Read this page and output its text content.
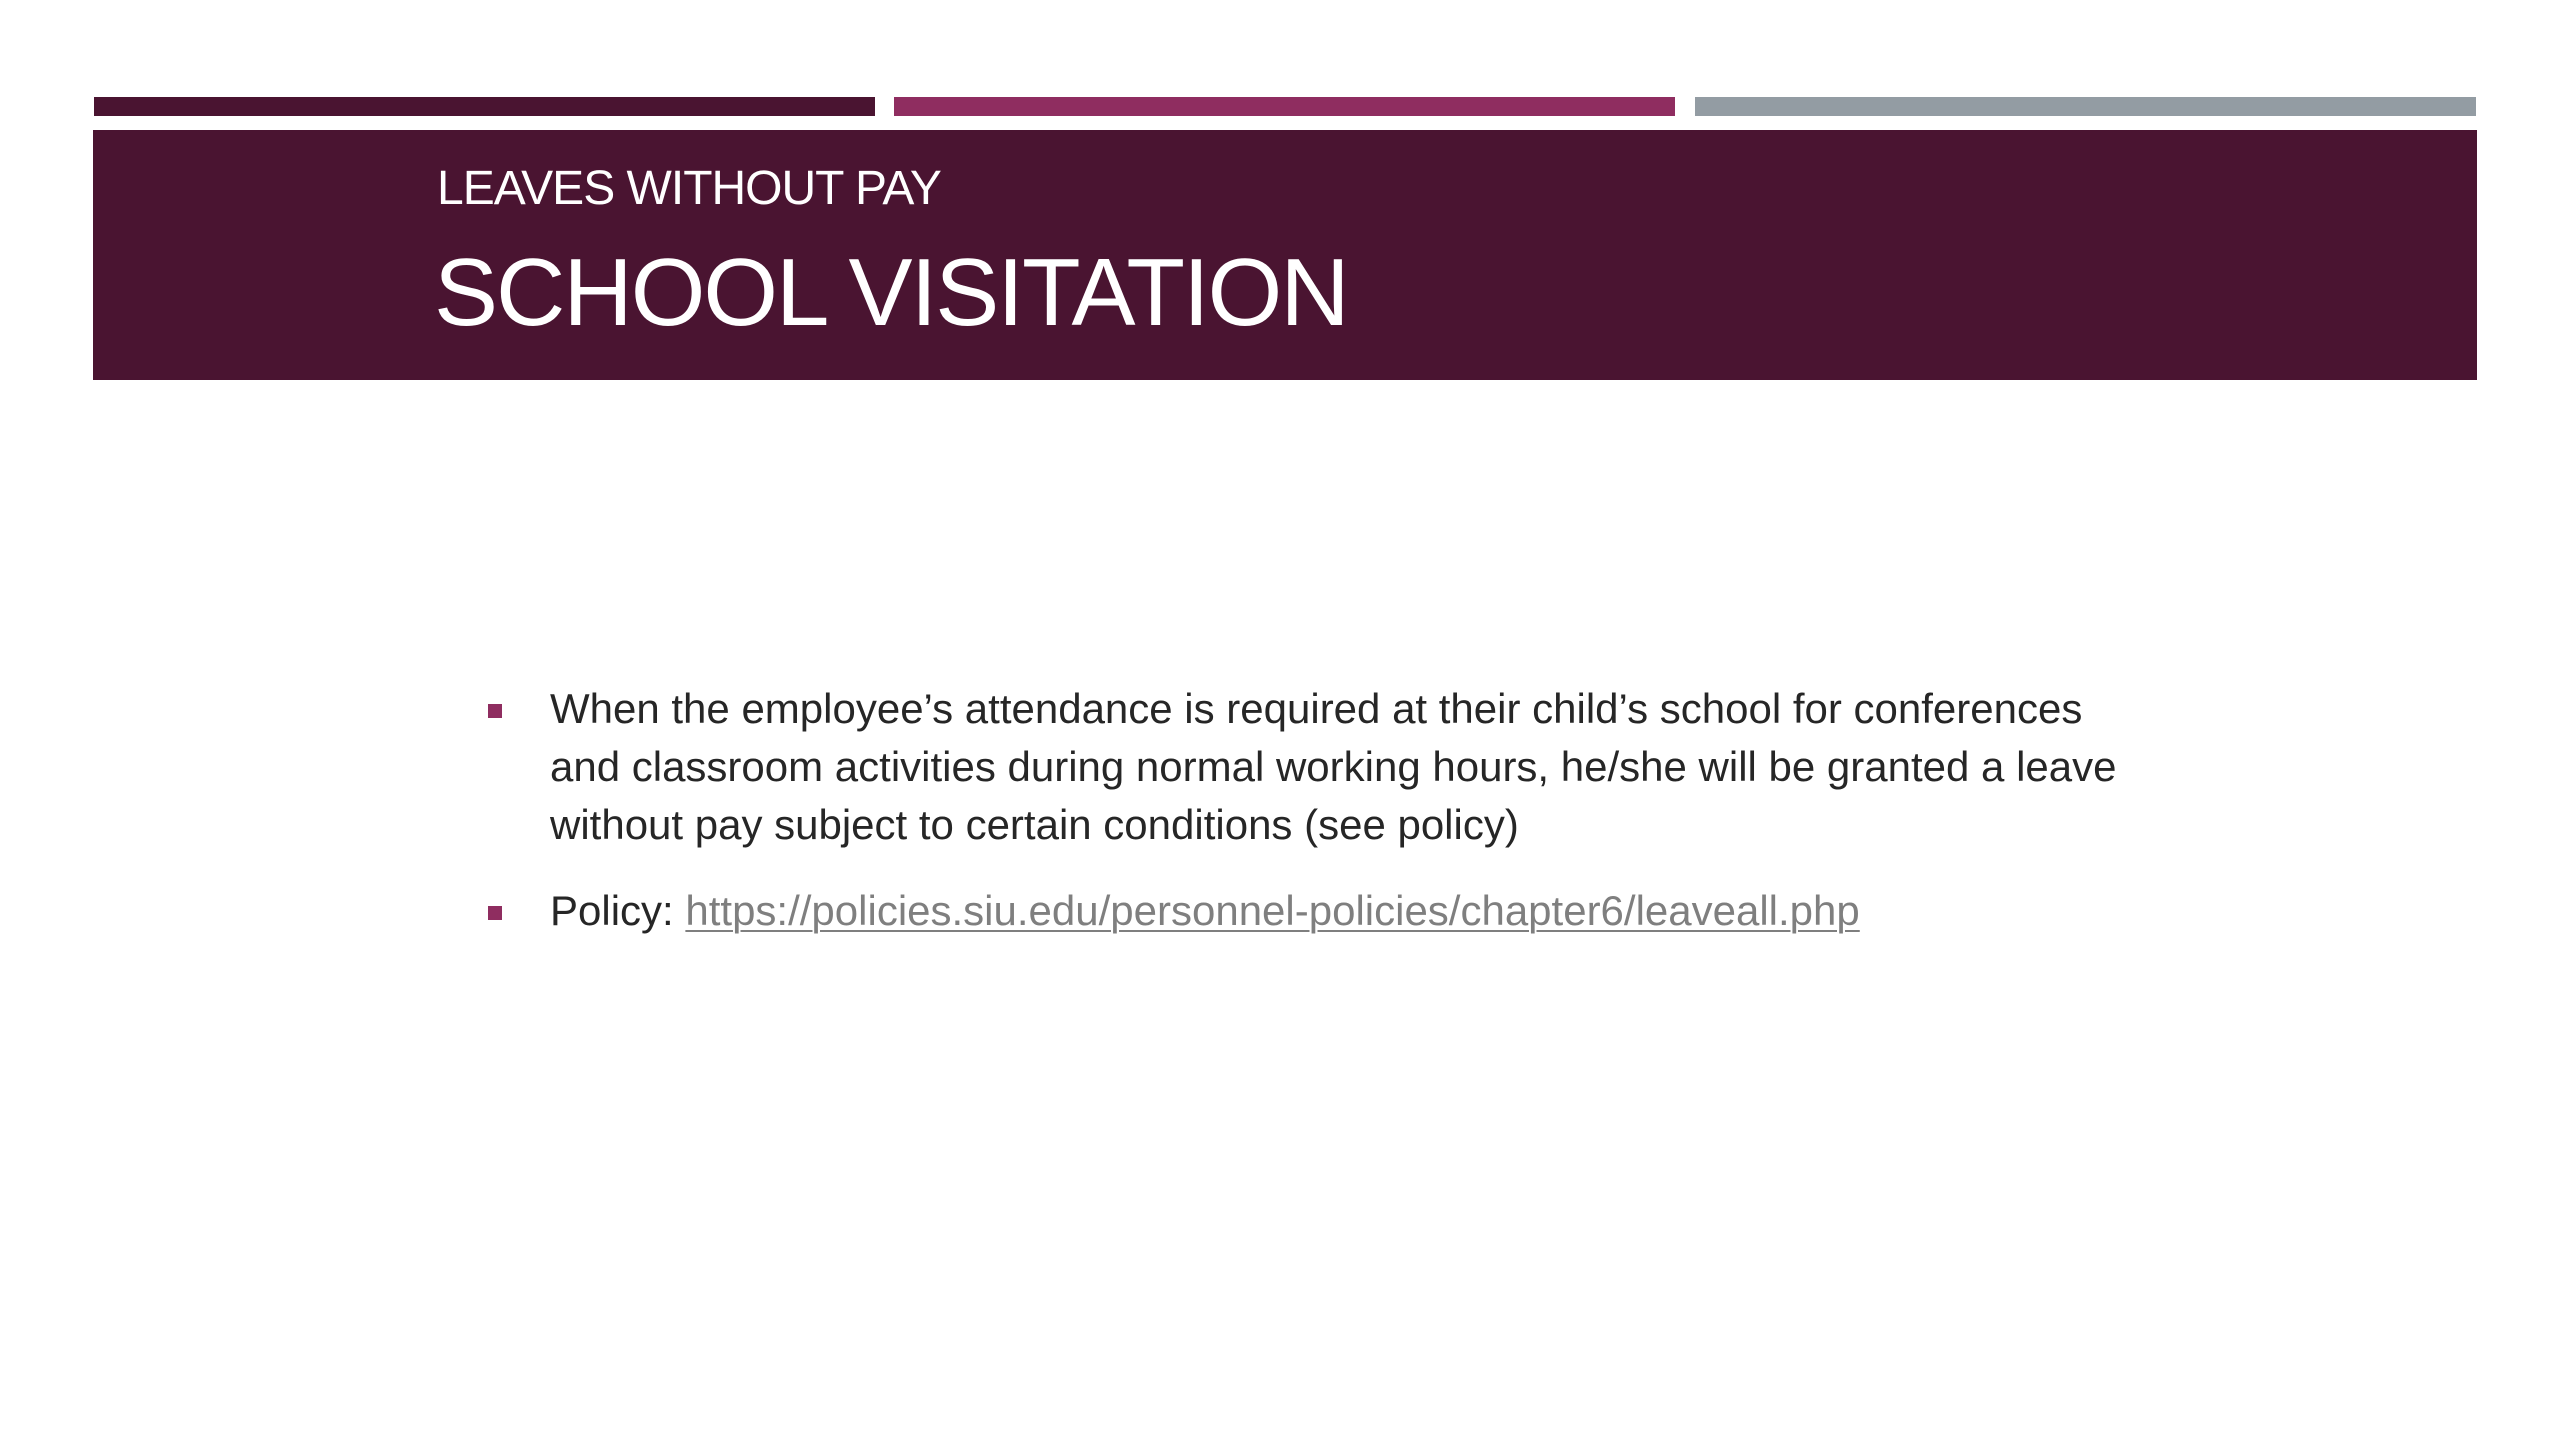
LEAVES WITHOUT PAY
SCHOOL VISITATION
When the employee’s attendance is required at their child’s school for conferences and classroom activities during normal working hours, he/she will be granted a leave without pay subject to certain conditions (see policy)
Policy: https://policies.siu.edu/personnel-policies/chapter6/leaveall.php
